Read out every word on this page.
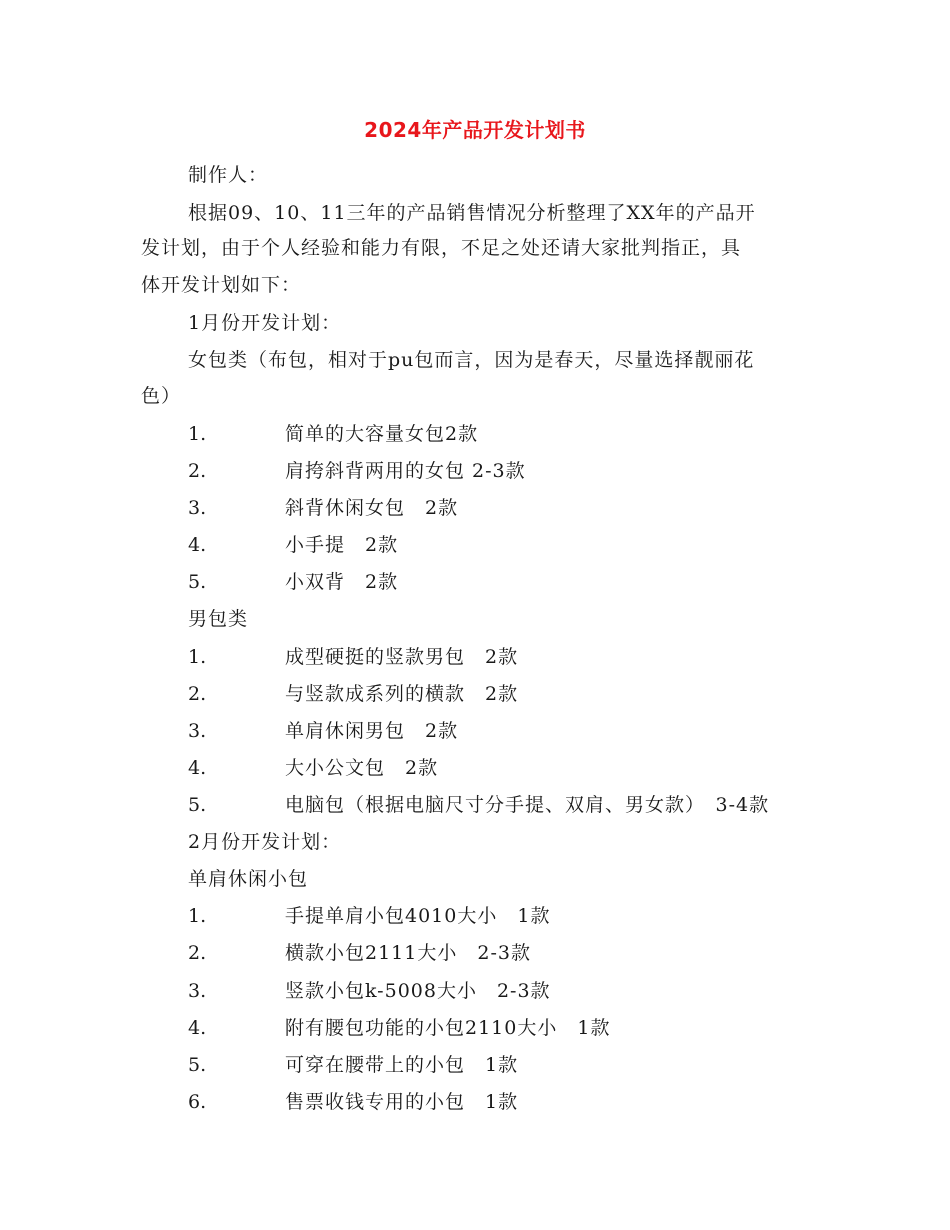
2024年产品开发计划书
制作人：
根据09、10、11三年的产品销售情况分析整理了XX年的产品开
发计划，由于个人经验和能力有限，不足之处还请大家批判指正，具
体开发计划如下：
1月份开发计划：
女包类（布包，相对于pu包而言，因为是春天，尽量选择靓丽花
色）
1.	简单的大容量女包2款
2.	肩挎斜背两用的女包 2-3款
3.	斜背休闲女包　2款
4.	小手提　2款
5.	小双背　2款
男包类
1.	成型硬挺的竖款男包　2款
2.	与竖款成系列的横款　2款
3.	单肩休闲男包　2款
4.	大小公文包　2款
5.	电脑包（根据电脑尺寸分手提、双肩、男女款）　3-4款
2月份开发计划：
单肩休闲小包
1.	手提单肩小包4010大小　1款
2.	横款小包2111大小　2-3款
3.	竖款小包k-5008大小　2-3款
4.	附有腰包功能的小包2110大小　1款
5.	可穿在腰带上的小包　1款
6.	售票收钱专用的小包　1款
